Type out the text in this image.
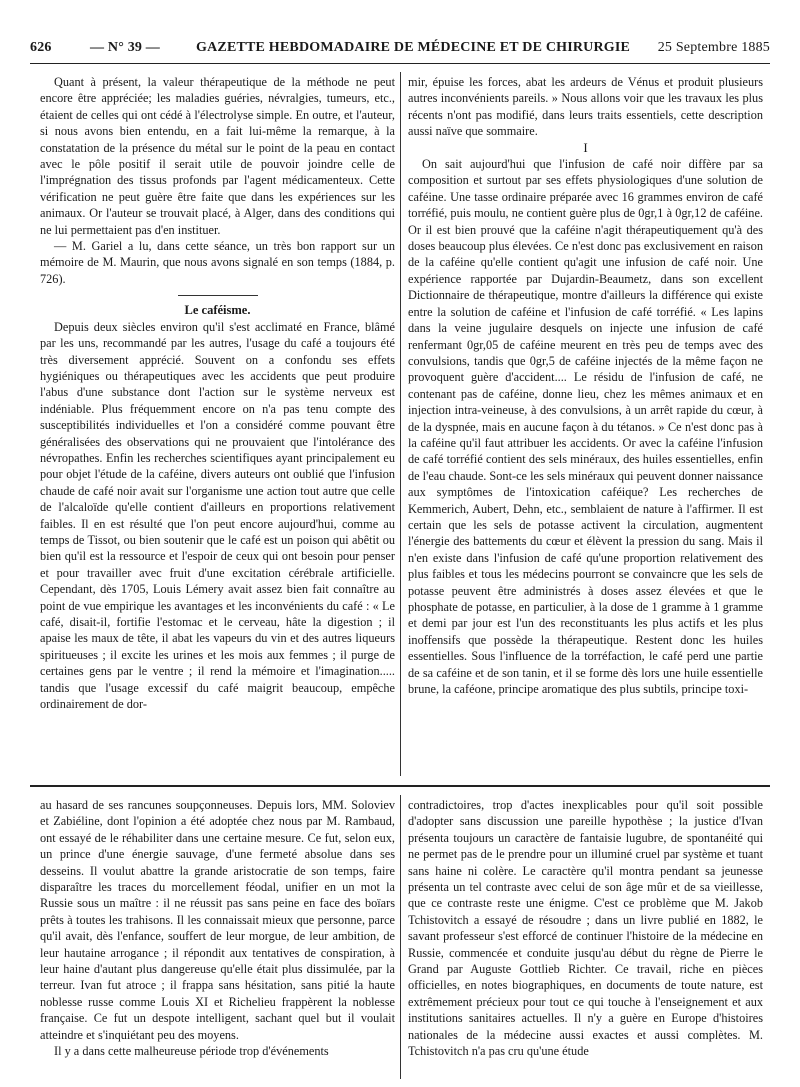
626	— N° 39 —	GAZETTE HEBDOMADAIRE DE MÉDECINE ET DE CHIRURGIE 25 Septembre 1885

Quant à présent, la valeur thérapeutique de la méthode ne peut encore être appréciée; les maladies guéries, névralgies, tumeurs, etc., étaient de celles qui ont cédé à l'électrolyse simple. En outre, et l'auteur, si nous avons bien entendu, en a fait lui-même la remarque, à la constatation de la présence du métal sur le point de la peau en contact avec le pôle positif il serait utile de pouvoir joindre celle de l'imprégnation des tissus profonds par l'agent médicamenteux. Cette vérification ne peut guère être faite que dans les expériences sur les animaux. Or l'auteur se trouvait placé, à Alger, dans des conditions qui ne lui permettaient pas d'en instituer.

— M. Gariel a lu, dans cette séance, un très bon rapport sur un mémoire de M. Maurin, que nous avons signalé en son temps (1884, p. 726).

Le caféisme.

Depuis deux siècles environ qu'il s'est acclimaté en France, blâmé par les uns, recommandé par les autres, l'usage du café a toujours été très diversement apprécié. Souvent on a confondu ses effets hygiéniques ou thérapeutiques avec les accidents que peut produire l'abus d'une substance dont l'action sur le système nerveux est indéniable. Plus fréquemment encore on n'a pas tenu compte des susceptibilités individuelles et l'on a considéré comme pouvant être généralisées des observations qui ne prouvaient que l'intolérance des névropathes. Enfin les recherches scientifiques ayant principalement eu pour objet l'étude de la caféine, divers auteurs ont oublié que l'infusion chaude de café noir avait sur l'organisme une action tout autre que celle de l'alcaloïde qu'elle contient d'ailleurs en proportions relativement faibles. Il en est résulté que l'on peut encore aujourd'hui, comme au temps de Tissot, ou bien soutenir que le café est un poison qui abêtit ou bien qu'il est la ressource et l'espoir de ceux qui ont besoin pour penser et pour travailler avec fruit d'une excitation cérébrale artificielle. Cependant, dès 1705, Louis Lémery avait assez bien fait connaître au point de vue empirique les avantages et les inconvénients du café : « Le café, disait-il, fortifie l'estomac et le cerveau, hâte la digestion ; il apaise les maux de tête, il abat les vapeurs du vin et des autres liqueurs spiritueuses ; il excite les urines et les mois aux femmes ; il purge de certaines gens par le ventre ; il rend la mémoire et l'imagination..... tandis que l'usage excessif du café maigrit beaucoup, empêche ordinairement de dor-

mir, épuise les forces, abat les ardeurs de Vénus et produit plusieurs autres inconvénients pareils. » Nous allons voir que les travaux les plus récents n'ont pas modifié, dans leurs traits essentiels, cette description aussi naïve que sommaire.

I

On sait aujourd'hui que l'infusion de café noir diffère par sa composition et surtout par ses effets physiologiques d'une solution de caféine. Une tasse ordinaire préparée avec 16 grammes environ de café torréfié, puis moulu, ne contient guère plus de 0gr,1 à 0gr,12 de caféine. Or il est bien prouvé que la caféine n'agit thérapeutiquement qu'à des doses beaucoup plus élevées. Ce n'est donc pas exclusivement en raison de la caféine qu'elle contient qu'agit une infusion de café noir. Une expérience rapportée par Dujardin-Beaumetz, dans son excellent Dictionnaire de thérapeutique, montre d'ailleurs la différence qui existe entre la solution de caféine et l'infusion de café torréfié. « Les lapins dans la veine jugulaire desquels on injecte une infusion de café renfermant 0gr,05 de caféine meurent en très peu de temps avec des convulsions, tandis que 0gr,5 de caféine injectés de la même façon ne provoquent guère d'accident.... Le résidu de l'infusion de café, ne contenant pas de caféine, donne lieu, chez les mêmes animaux et en injection intra-veineuse, à des convulsions, à un arrêt rapide du cœur, à de la dyspnée, mais en aucune façon à du tétanos. » Ce n'est donc pas à la caféine qu'il faut attribuer les accidents. Or avec la caféine l'infusion de café torréfié contient des sels minéraux, des huiles essentielles, enfin de l'eau chaude. Sont-ce les sels minéraux qui peuvent donner naissance aux symptômes de l'intoxication caféique? Les recherches de Kemmerich, Aubert, Dehn, etc., semblaient de nature à l'affirmer. Il est certain que les sels de potasse activent la circulation, augmentent l'énergie des battements du cœur et élèvent la pression du sang. Mais il n'en existe dans l'infusion de café qu'une proportion relativement des plus faibles et tous les médecins pourront se convaincre que les sels de potasse peuvent être administrés à doses assez élevées et que le phosphate de potasse, en particulier, à la dose de 1 gramme à 1 gramme et demi par jour est l'un des reconstituants les plus actifs et les plus inoffensifs que possède la thérapeutique. Restent donc les huiles essentielles. Sous l'influence de la torréfaction, le café perd une partie de sa caféine et de son tanin, et il se forme dès lors une huile essentielle brune, la caféone, principe aromatique des plus subtils, principe toxi-

au hasard de ses rancunes soupçonneuses. Depuis lors, MM. Soloviev et Zabiéline, dont l'opinion a été adoptée chez nous par M. Rambaud, ont essayé de le réhabiliter dans une certaine mesure. Ce fut, selon eux, un prince d'une énergie sauvage, d'une fermeté absolue dans ses desseins. Il voulut abattre la grande aristocratie de son temps, faire disparaître les traces du morcellement féodal, unifier en un mot la Russie sous un maître : il ne réussit pas sans peine en face des boïars prêts à toutes les trahisons. Il les connaissait mieux que personne, parce qu'il avait, dès l'enfance, souffert de leur morgue, de leur ambition, de leur hautaine arrogance ; il répondit aux tentatives de conspiration, à leur haine d'autant plus dangereuse qu'elle était plus dissimulée, par la terreur. Ivan fut atroce ; il frappa sans hésitation, sans pitié la haute noblesse russe comme Louis XI et Richelieu frappèrent la noblesse française. Ce fut un despote intelligent, sachant quel but il voulait atteindre et s'inquiétant peu des moyens.

Il y a dans cette malheureuse période trop d'événements

contradictoires, trop d'actes inexplicables pour qu'il soit possible d'adopter sans discussion une pareille hypothèse ; la justice d'Ivan présenta toujours un caractère de fantaisie lugubre, de spontanéité qui ne permet pas de le prendre pour un illuminé cruel par système et tuant sans haine ni colère. Le caractère qu'il montra pendant sa jeunesse présenta un tel contraste avec celui de son âge mûr et de sa vieillesse, que ce contraste reste une énigme. C'est ce problème que M. Jakob Tchistovitch a essayé de résoudre ; dans un livre publié en 1882, le savant professeur s'est efforcé de continuer l'histoire de la médecine en Russie, commencée et conduite jusqu'au début du règne de Pierre le Grand par Auguste Gottlieb Richter. Ce travail, riche en pièces officielles, en notes biographiques, en documents de toute nature, est extrêmement précieux pour tout ce qui touche à l'enseignement et aux institutions sanitaires actuelles. Il n'y a guère en Europe d'histoires nationales de la médecine aussi exactes et aussi complètes. M. Tchistovitch n'a pas cru qu'une étude
